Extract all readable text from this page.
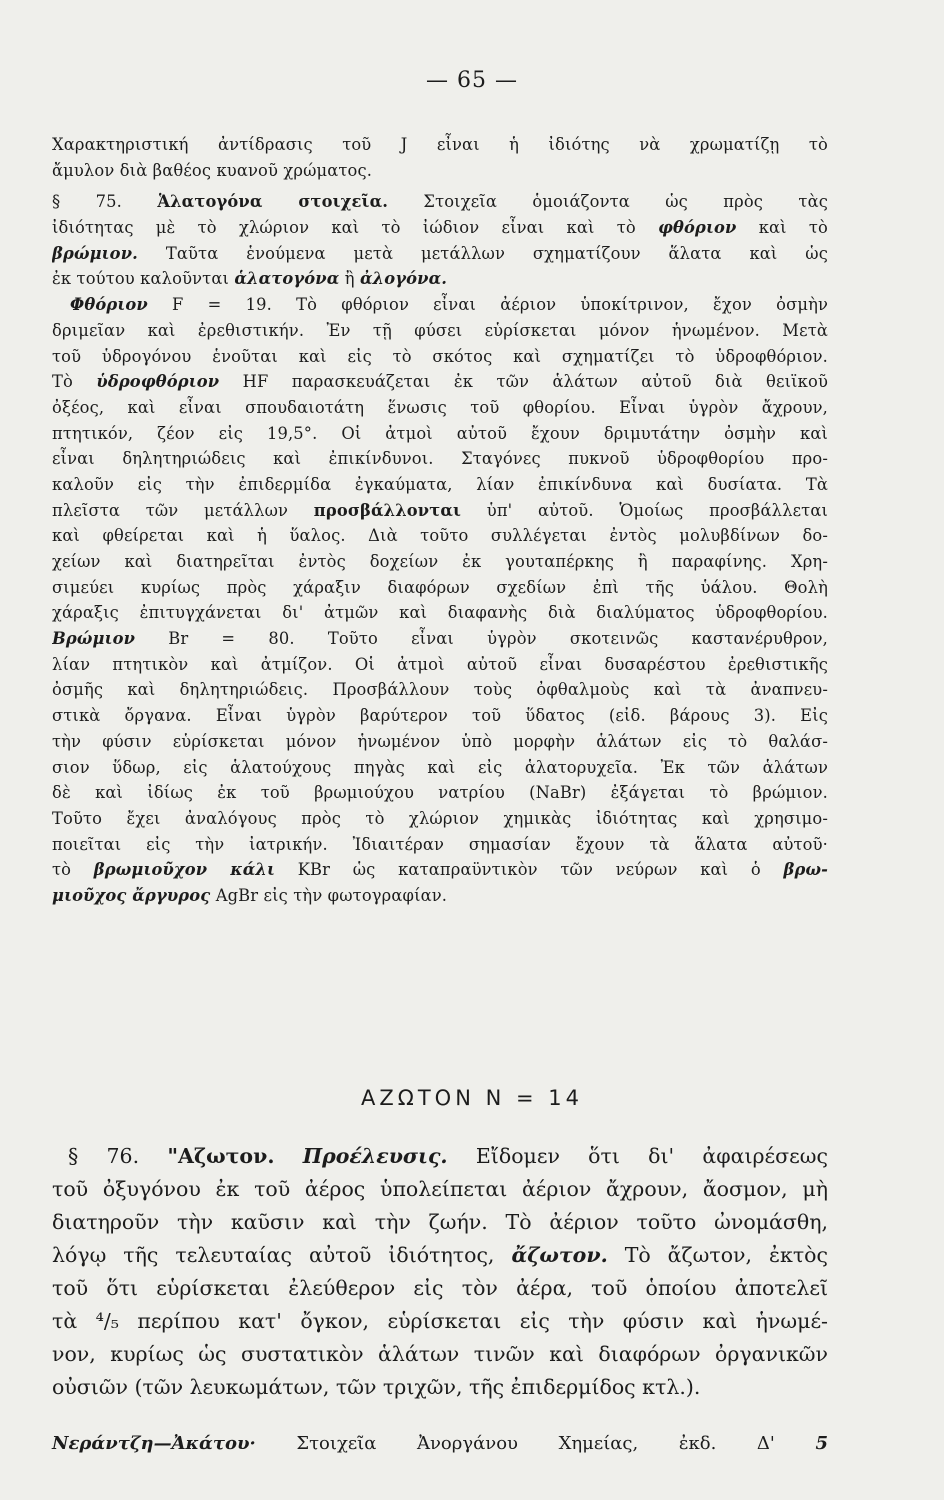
— 65 —
Χαρακτηριστική ἀντίδρασις τοῦ J εἶναι ἡ ἰδιότης νὰ χρωματίζῃ τὸ
ἄμυλον διὰ βαθέος κυανοῦ χρώματος.
§ 75. Ἁλατογόνα στοιχεῖα. Στοιχεῖα ὁμοιάζοντα ὡς πρὸς τὰς
ἰδιότητας μὲ τὸ χλώριον καὶ τὸ ἰώδιον εἶναι καὶ τὸ φθόριον καὶ τὸ
βρώμιον. Ταῦτα ἑνούμενα μετὰ μετάλλων σχηματίζουν ἅλατα καὶ ὡς
ἐκ τούτου καλοῦνται ἁλατογόνα ἢ ἀλογόνα.
Φθόριον F = 19. Τὸ φθόριον εἶναι ἀέριον ὑποκίτρινον, ἔχον ὀσμὴν
δριμεῖαν καὶ ἐρεθιστικήν. Ἐν τῇ φύσει εὑρίσκεται μόνον ἡνωμένον. Μετὰ
τοῦ ὑδρογόνου ἑνοῦται καὶ εἰς τὸ σκότος καὶ σχηματίζει τὸ ὑδροφθόριον.
Τὸ ὑδροφθόριον HF παρασκευάζεται ἐκ τῶν ἁλάτων αὐτοῦ διὰ θειϊκοῦ
ὀξέος, καὶ εἶναι σπουδαιοτάτη ἕνωσις τοῦ φθορίου. Εἶναι ὑγρὸν ἄχρουν,
πτητικόν, ζέον εἰς 19,5°. Οἱ ἀτμοὶ αὐτοῦ ἔχουν δριμυτάτην ὀσμὴν καὶ
εἶναι δηλητηριώδεις καὶ ἐπικίνδυνοι. Σταγόνες πυκνοῦ ὑδροφθορίου προ-
καλοῦν εἰς τὴν ἐπιδερμίδα ἐγκαύματα, λίαν ἐπικίνδυνα καὶ δυσίατα. Τὰ
πλεῖστα τῶν μετάλλων προσβάλλονται ὑπ' αὐτοῦ. Ὁμοίως προσβάλλεται
καὶ φθείρεται καὶ ἡ ὕαλος. Διὰ τοῦτο συλλέγεται ἐντὸς μολυβδίνων δο-
χείων καὶ διατηρεῖται ἐντὸς δοχείων ἐκ γουταπέρκης ἢ παραφίνης. Χρη-
σιμεύει κυρίως πρὸς χάραξιν διαφόρων σχεδίων ἐπὶ τῆς ὑάλου. Θολὴ
χάραξις ἐπιτυγχάνεται δι' ἀτμῶν καὶ διαφανὴς διὰ διαλύματος ὑδροφθορίου.
Βρώμιον Br = 80. Τοῦτο εἶναι ὑγρὸν σκοτεινῶς καστανέρυθρον,
λίαν πτητικὸν καὶ ἀτμίζον. Οἱ ἀτμοὶ αὐτοῦ εἶναι δυσαρέστου ἐρεθιστικῆς
ὀσμῆς καὶ δηλητηριώδεις. Προσβάλλουν τοὺς ὀφθαλμοὺς καὶ τὰ ἀναπνευ-
στικὰ ὄργανα. Εἶναι ὑγρὸν βαρύτερον τοῦ ὕδατος (εἰδ. βάρους 3). Εἰς
τὴν φύσιν εὑρίσκεται μόνον ἡνωμένον ὑπὸ μορφὴν ἁλάτων εἰς τὸ θαλάσ-
σιον ὕδωρ, εἰς ἁλατούχους πηγὰς καὶ εἰς ἁλατορυχεῖα. Ἐκ τῶν ἁλάτων
δὲ καὶ ἰδίως ἐκ τοῦ βρωμιούχου νατρίου (NaBr) ἐξάγεται τὸ βρώμιον.
Τοῦτο ἔχει ἀναλόγους πρὸς τὸ χλώριον χημικὰς ἰδιότητας καὶ χρησιμο-
ποιεῖται εἰς τὴν ἰατρικήν. Ἰδιαιτέραν σημασίαν ἔχουν τὰ ἅλατα αὐτοῦ·
τὸ βρωμιοῦχον κάλι KBr ὡς καταπραϋντικὸν τῶν νεύρων καὶ ὁ βρω-
μιοῦχος ἄργυρος AgBr εἰς τὴν φωτογραφίαν.
ΑΖΩΤΟΝ N = 14
§ 76. "Αζωτον. Προέλευσις. Εἴδομεν ὅτι δι' ἀφαιρέσεως
τοῦ ὀξυγόνου ἐκ τοῦ ἀέρος ὑπολείπεται ἀέριον ἄχρουν, ἄοσμον, μὴ
διατηροῦν τὴν καῦσιν καὶ τὴν ζωήν. Τὸ ἀέριον τοῦτο ὠνομάσθη,
λόγῳ τῆς τελευταίας αὐτοῦ ἰδιότητος, ἄζωτον. Τὸ ἄζωτον, ἐκτὸς
τοῦ ὅτι εὑρίσκεται ἐλεύθερον εἰς τὸν ἀέρα, τοῦ ὁποίου ἀποτελεῖ
τὰ ⁴/₅ περίπου κατ' ὄγκον, εὑρίσκεται εἰς τὴν φύσιν καὶ ἡνωμέ-
νον, κυρίως ὡς συστατικὸν ἁλάτων τινῶν καὶ διαφόρων ὀργανικῶν
οὐσιῶν (τῶν λευκωμάτων, τῶν τριχῶν, τῆς ἐπιδερμίδος κτλ.).
Νεράντζη—Ἀκάτου· Στοιχεῖα Ἀνοργάνου Χημείας, ἐκδ. Δ' 5
